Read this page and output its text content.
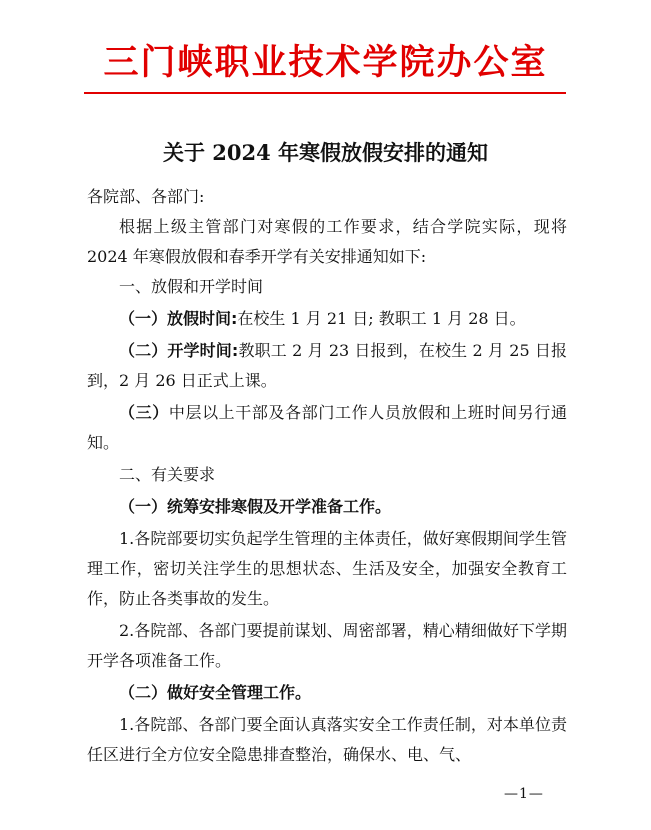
三门峡职业技术学院办公室
关于 2024 年寒假放假安排的通知

各院部、各部门:

根据上级主管部门对寒假的工作要求，结合学院实际，现将 2024 年寒假放假和春季开学有关安排通知如下:

一、放假和开学时间

（一）放假时间:在校生 1 月 21 日; 教职工 1 月 28 日。

（二）开学时间:教职工 2 月 23 日报到，在校生 2 月 25 日报到，2 月 26 日正式上课。

（三）中层以上干部及各部门工作人员放假和上班时间另行通知。

二、有关要求

（一）统筹安排寒假及开学准备工作。

1.各院部要切实负起学生管理的主体责任，做好寒假期间学生管理工作，密切关注学生的思想状态、生活及安全，加强安全教育工作，防止各类事故的发生。

2.各院部、各部门要提前谋划、周密部署，精心精细做好下学期开学各项准备工作。

（二）做好安全管理工作。

1.各院部、各部门要全面认真落实安全工作责任制，对本单位责任区进行全方位安全隐患排查整治，确保水、电、气、

—1—
